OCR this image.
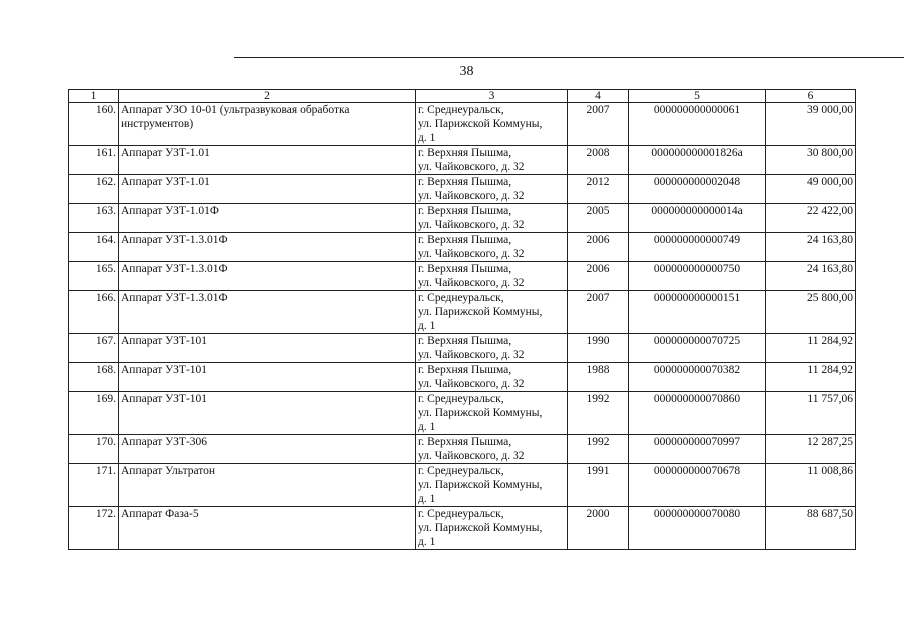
38
1	2	3	4	5	6
160.	Аппарат УЗО 10-01 (ультразвуковая обработка инструментов)	г. Среднеуральск,
ул. Парижской Коммуны,
д. 1	2007	000000000000061	39 000,00
161.	Аппарат УЗТ-1.01	г. Верхняя Пышма,
ул. Чайковского, д. 32	2008	000000000001826а	30 800,00
162.	Аппарат УЗТ-1.01	г. Верхняя Пышма,
ул. Чайковского, д. 32	2012	000000000002048	49 000,00
163.	Аппарат УЗТ-1.01Ф	г. Верхняя Пышма,
ул. Чайковского, д. 32	2005	000000000000014а	22 422,00
164.	Аппарат УЗТ-1.3.01Ф	г. Верхняя Пышма,
ул. Чайковского, д. 32	2006	000000000000749	24 163,80
165.	Аппарат УЗТ-1.3.01Ф	г. Верхняя Пышма,
ул. Чайковского, д. 32	2006	000000000000750	24 163,80
166.	Аппарат УЗТ-1.3.01Ф	г. Среднеуральск,
ул. Парижской Коммуны,
д. 1	2007	000000000000151	25 800,00
167.	Аппарат УЗТ-101	г. Верхняя Пышма,
ул. Чайковского, д. 32	1990	000000000070725	11 284,92
168.	Аппарат УЗТ-101	г. Верхняя Пышма,
ул. Чайковского, д. 32	1988	000000000070382	11 284,92
169.	Аппарат УЗТ-101	г. Среднеуральск,
ул. Парижской Коммуны,
д. 1	1992	000000000070860	11 757,06
170.	Аппарат УЗТ-306	г. Верхняя Пышма,
ул. Чайковского, д. 32	1992	000000000070997	12 287,25
171.	Аппарат Ультратон	г. Среднеуральск,
ул. Парижской Коммуны,
д. 1	1991	000000000070678	11 008,86
172.	Аппарат Фаза-5	г. Среднеуральск,
ул. Парижской Коммуны,
д. 1	2000	000000000070080	88 687,50
